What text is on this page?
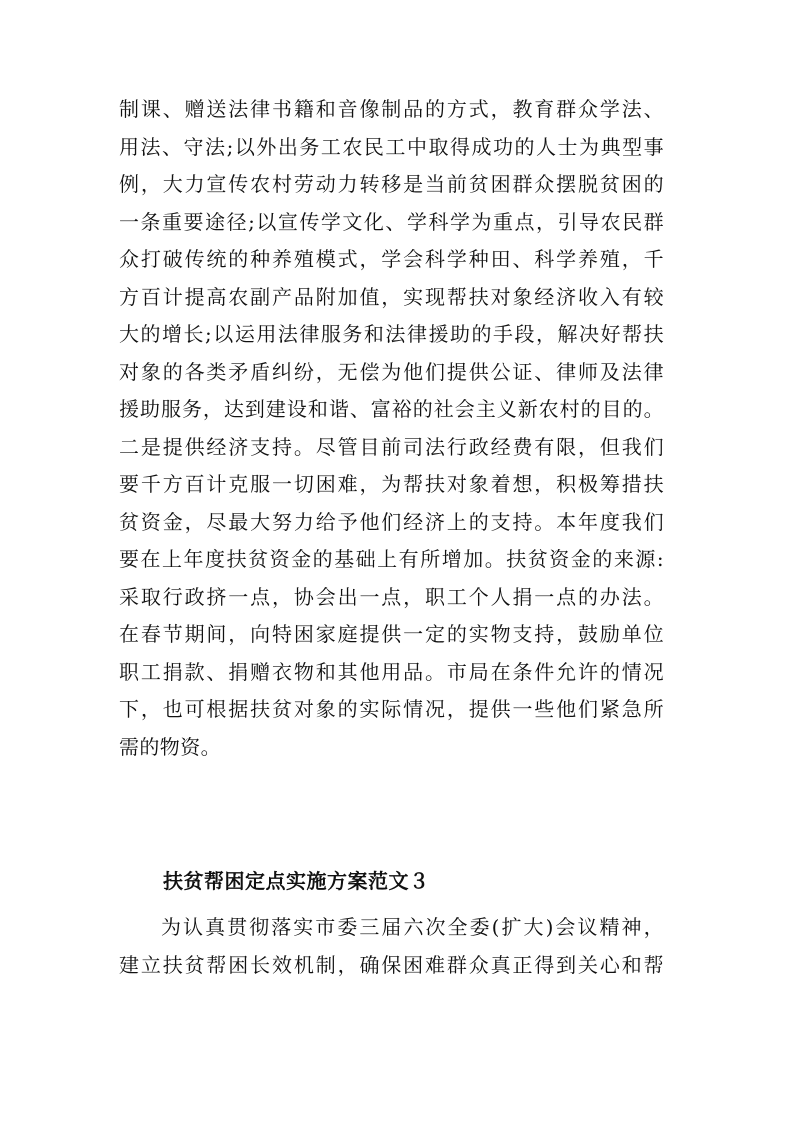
制课、赠送法律书籍和音像制品的方式，教育群众学法、
用法、守法;以外出务工农民工中取得成功的人士为典型事
例，大力宣传农村劳动力转移是当前贫困群众摆脱贫困的
一条重要途径;以宣传学文化、学科学为重点，引导农民群
众打破传统的种养殖模式，学会科学种田、科学养殖，千
方百计提高农副产品附加值，实现帮扶对象经济收入有较
大的增长;以运用法律服务和法律援助的手段，解决好帮扶
对象的各类矛盾纠纷，无偿为他们提供公证、律师及法律
援助服务，达到建设和谐、富裕的社会主义新农村的目的。
二是提供经济支持。尽管目前司法行政经费有限，但我们
要千方百计克服一切困难，为帮扶对象着想，积极筹措扶
贫资金，尽最大努力给予他们经济上的支持。本年度我们
要在上年度扶贫资金的基础上有所增加。扶贫资金的来源:
采取行政挤一点，协会出一点，职工个人捐一点的办法。
在春节期间，向特困家庭提供一定的实物支持，鼓励单位
职工捐款、捐赠衣物和其他用品。市局在条件允许的情况
下，也可根据扶贫对象的实际情况，提供一些他们紧急所
需的物资。
扶贫帮困定点实施方案范文３
为认真贯彻落实市委三届六次全委(扩大)会议精神，
建立扶贫帮困长效机制，确保困难群众真正得到关心和帮
